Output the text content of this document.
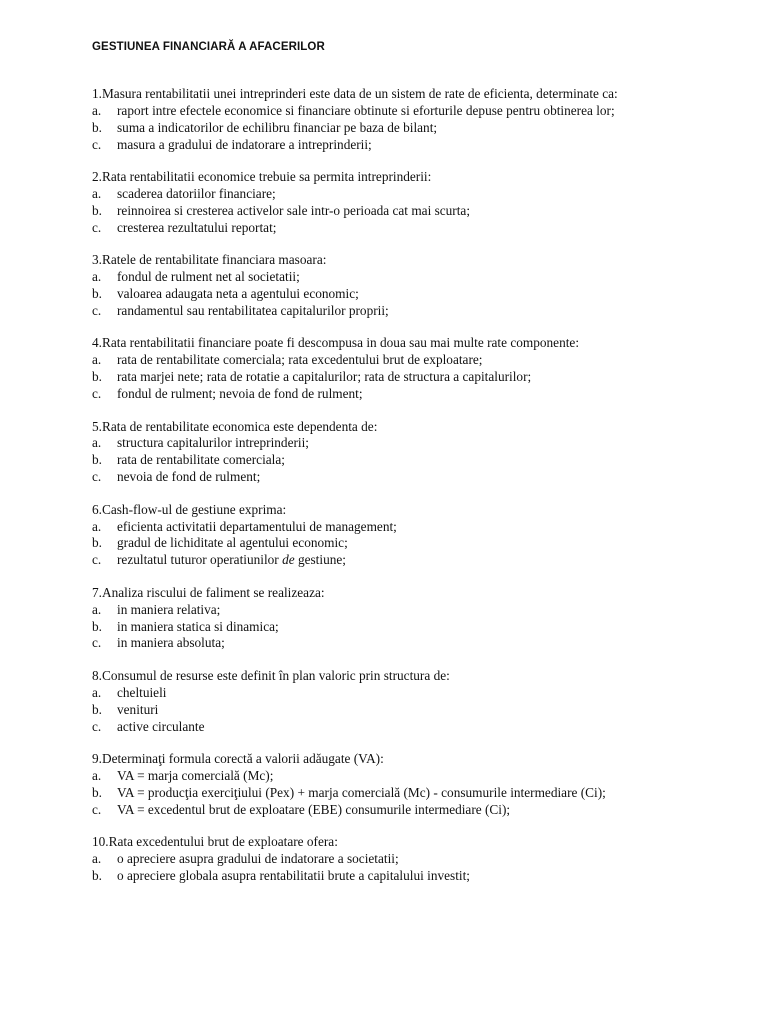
GESTIUNEA FINANCIARĂ A AFACERILOR
1.Masura rentabilitatii unei intreprinderi este data de un sistem de rate de eficienta, determinate ca:
a.	raport intre efectele economice si financiare obtinute si eforturile depuse pentru obtinerea lor;
b.	suma a indicatorilor de echilibru financiar pe baza de bilant;
c.	masura a gradului de indatorare a intreprinderii;
2.Rata rentabilitatii economice trebuie sa permita intreprinderii:
a.	scaderea datoriilor financiare;
b.	reinnoirea si cresterea activelor sale intr-o perioada cat mai scurta;
c.	cresterea rezultatului reportat;
3.Ratele de rentabilitate financiara masoara:
a.	fondul de rulment net al societatii;
b.	valoarea adaugata neta a agentului economic;
c.	randamentul sau rentabilitatea capitalurilor proprii;
4.Rata rentabilitatii financiare poate fi descompusa in doua sau mai multe rate componente:
a.	rata de rentabilitate comerciala; rata excedentului brut de exploatare;
b.	rata marjei nete; rata de rotatie a capitalurilor; rata de structura a capitalurilor;
c.	fondul de rulment; nevoia de fond de rulment;
5.Rata de rentabilitate economica este dependenta de:
a.	structura capitalurilor intreprinderii;
b.	rata de rentabilitate comerciala;
c.	nevoia de fond de rulment;
6.Cash-flow-ul de gestiune exprima:
a.	eficienta activitatii departamentului de management;
b.	gradul de lichiditate al agentului economic;
c.	rezultatul tuturor operatiunilor de gestiune;
7.Analiza riscului de faliment se realizeaza:
a.	in maniera relativa;
b.	in maniera statica si dinamica;
c.	in maniera absoluta;
8.Consumul de resurse este definit în plan valoric prin structura de:
a.	cheltuieli
b.	venituri
c.	active circulante
9.Determinaţi formula corectă a valorii adăugate (VA):
a.	VA = marja comercială (Mc);
b.	VA = producţia exerciţiului (Pex) + marja comercială (Mc) - consumurile intermediare (Ci);
c.	VA = excedentul brut de exploatare (EBE) consumurile intermediare (Ci);
10.Rata excedentului brut de exploatare ofera:
a.	o apreciere asupra gradului de indatorare a societatii;
b.	o apreciere globala asupra rentabilitatii brute a capitalului investit;
